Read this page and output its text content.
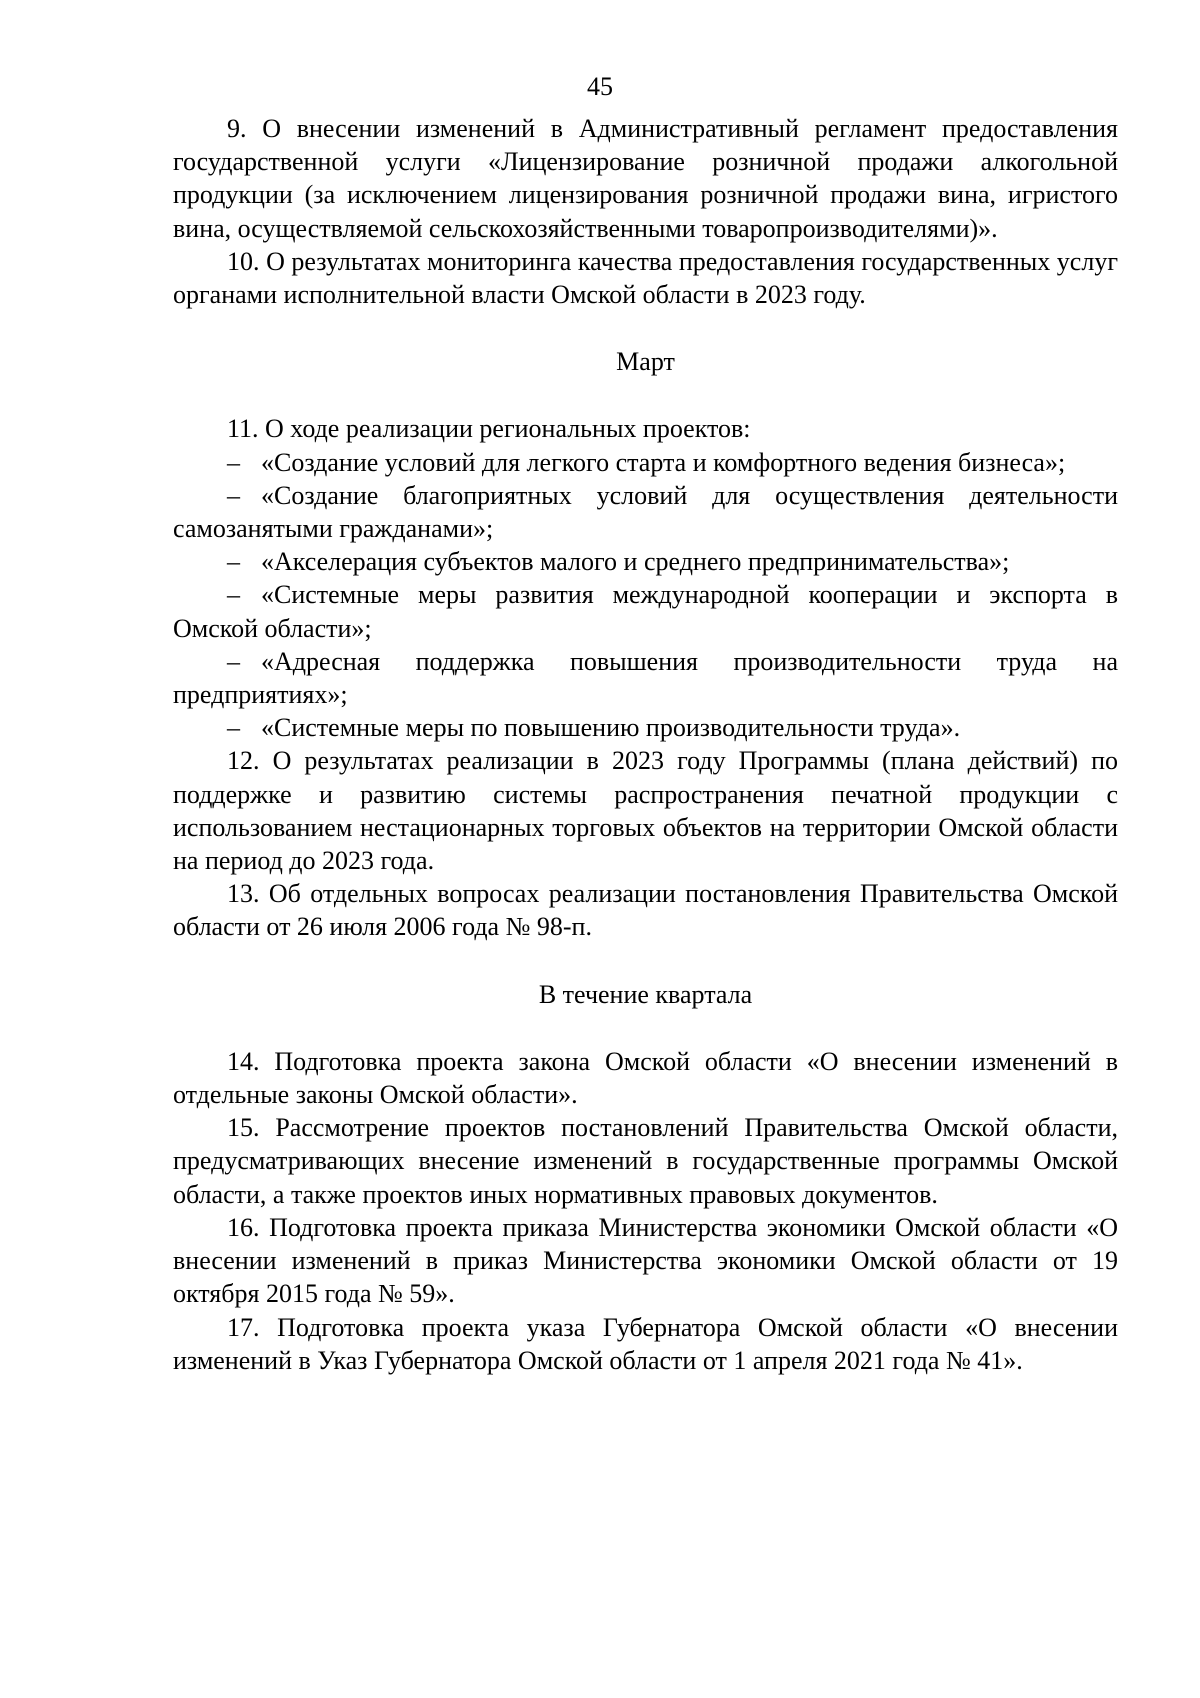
45

9. О внесении изменений в Административный регламент предоставления государственной услуги «Лицензирование розничной продажи алкогольной продукции (за исключением лицензирования розничной продажи вина, игристого вина, осуществляемой сельскохозяйственными товаропроизводителями)».

10. О результатах мониторинга качества предоставления государственных услуг органами исполнительной власти Омской области в 2023 году.

Март

11. О ходе реализации региональных проектов:

– «Создание условий для легкого старта и комфортного ведения бизнеса»;

– «Создание благоприятных условий для осуществления деятельности самозанятыми гражданами»;

– «Акселерация субъектов малого и среднего предпринимательства»;

– «Системные меры развития международной кооперации и экспорта в Омской области»;

– «Адресная поддержка повышения производительности труда на предприятиях»;

– «Системные меры по повышению производительности труда».

12. О результатах реализации в 2023 году Программы (плана действий) по поддержке и развитию системы распространения печатной продукции с использованием нестационарных торговых объектов на территории Омской области на период до 2023 года.

13. Об отдельных вопросах реализации постановления Правительства Омской области от 26 июля 2006 года № 98-п.

В течение квартала

14. Подготовка проекта закона Омской области «О внесении изменений в отдельные законы Омской области».

15. Рассмотрение проектов постановлений Правительства Омской области, предусматривающих внесение изменений в государственные программы Омской области, а также проектов иных нормативных правовых документов.

16. Подготовка проекта приказа Министерства экономики Омской области «О внесении изменений в приказ Министерства экономики Омской области от 19 октября 2015 года № 59».

17. Подготовка проекта указа Губернатора Омской области «О внесении изменений в Указ Губернатора Омской области от 1 апреля 2021 года № 41».
